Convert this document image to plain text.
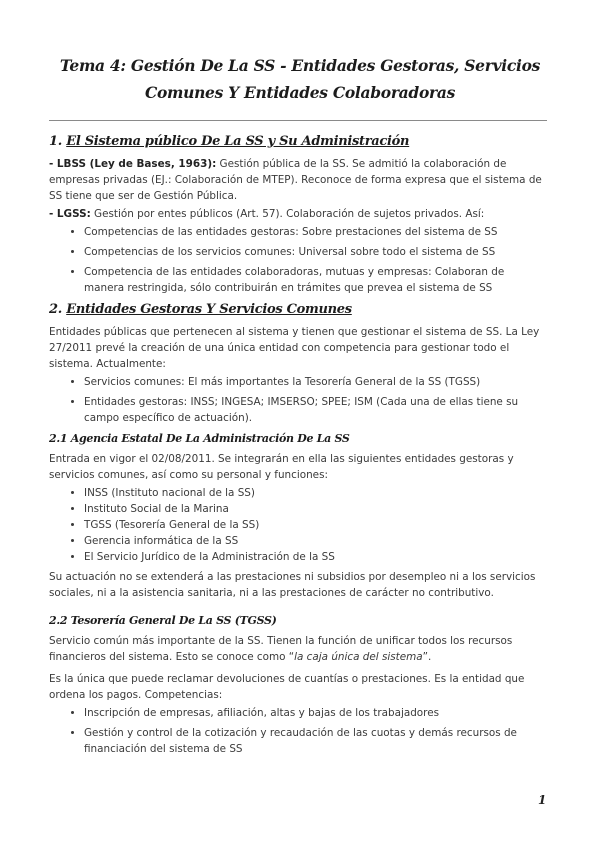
Tema 4: Gestión De La SS - Entidades Gestoras, Servicios Comunes Y Entidades Colaboradoras
1. El Sistema público De La SS y Su Administración

- LBSS (Ley de Bases, 1963): Gestión pública de la SS. Se admitió la colaboración de empresas privadas (EJ.: Colaboración de MTEP). Reconoce de forma expresa que el sistema de SS tiene que ser de Gestión Pública.

- LGSS: Gestión por entes públicos (Art. 57). Colaboración de sujetos privados. Así:

• Competencias de las entidades gestoras: Sobre prestaciones del sistema de SS
• Competencias de los servicios comunes: Universal sobre todo el sistema de SS
• Competencia de las entidades colaboradoras, mutuas y empresas: Colaboran de manera restringida, sólo contribuirán en trámites que prevea el sistema de SS
2. Entidades Gestoras Y Servicios Comunes

Entidades públicas que pertenecen al sistema y tienen que gestionar el sistema de SS. La Ley 27/2011 prevé la creación de una única entidad con competencia para gestionar todo el sistema. Actualmente:

• Servicios comunes: El más importantes la Tesorería General de la SS (TGSS)
• Entidades gestoras: INSS; INGESA; IMSERSO; SPEE; ISM (Cada una de ellas tiene su campo específico de actuación).
2.1 Agencia Estatal De La Administración De La SS

Entrada en vigor el 02/08/2011. Se integrarán en ella las siguientes entidades gestoras y servicios comunes, así como su personal y funciones:

• INSS (Instituto nacional de la SS)
• Instituto Social de la Marina
• TGSS (Tesorería General de la SS)
• Gerencia informática de la SS
• El Servicio Jurídico de la Administración de la SS

Su actuación no se extenderá a las prestaciones ni subsidios por desempleo ni a los servicios sociales, ni a la asistencia sanitaria, ni a las prestaciones de carácter no contributivo.

2.2 Tesorería General De La SS (TGSS)

Servicio común más importante de la SS. Tienen la función de unificar todos los recursos financieros del sistema. Esto se conoce como “la caja única del sistema”.

Es la única que puede reclamar devoluciones de cuantías o prestaciones. Es la entidad que ordena los pagos. Competencias:

• Inscripción de empresas, afiliación, altas y bajas de los trabajadores
• Gestión y control de la cotización y recaudación de las cuotas y demás recursos de financiación del sistema de SS
1
